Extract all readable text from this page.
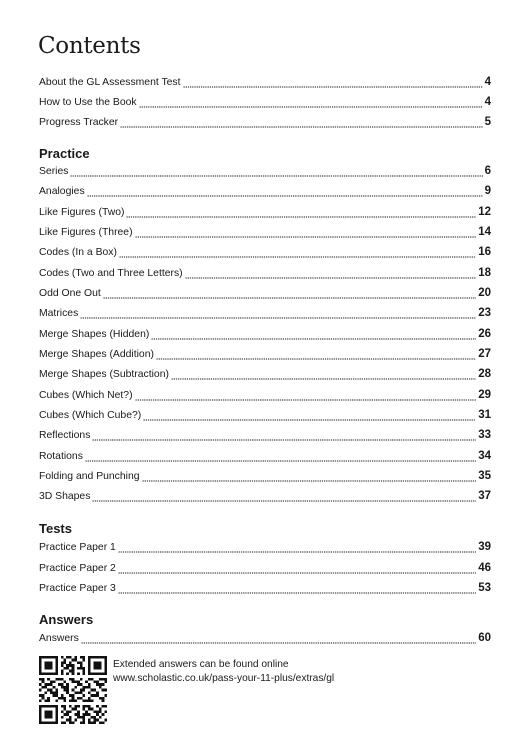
Contents
About the GL Assessment Test	4
How to Use the Book	4
Progress Tracker	5
Practice
Series	6
Analogies	9
Like Figures (Two)	12
Like Figures (Three)	14
Codes (In a Box)	16
Codes (Two and Three Letters)	18
Odd One Out	20
Matrices	23
Merge Shapes (Hidden)	26
Merge Shapes (Addition)	27
Merge Shapes (Subtraction)	28
Cubes (Which Net?)	29
Cubes (Which Cube?)	31
Reflections	33
Rotations	34
Folding and Punching	35
3D Shapes	37
Tests
Practice Paper 1	39
Practice Paper 2	46
Practice Paper 3	53
Answers
Answers	60
Extended answers can be found online
www.scholastic.co.uk/pass-your-11-plus/extras/gl
